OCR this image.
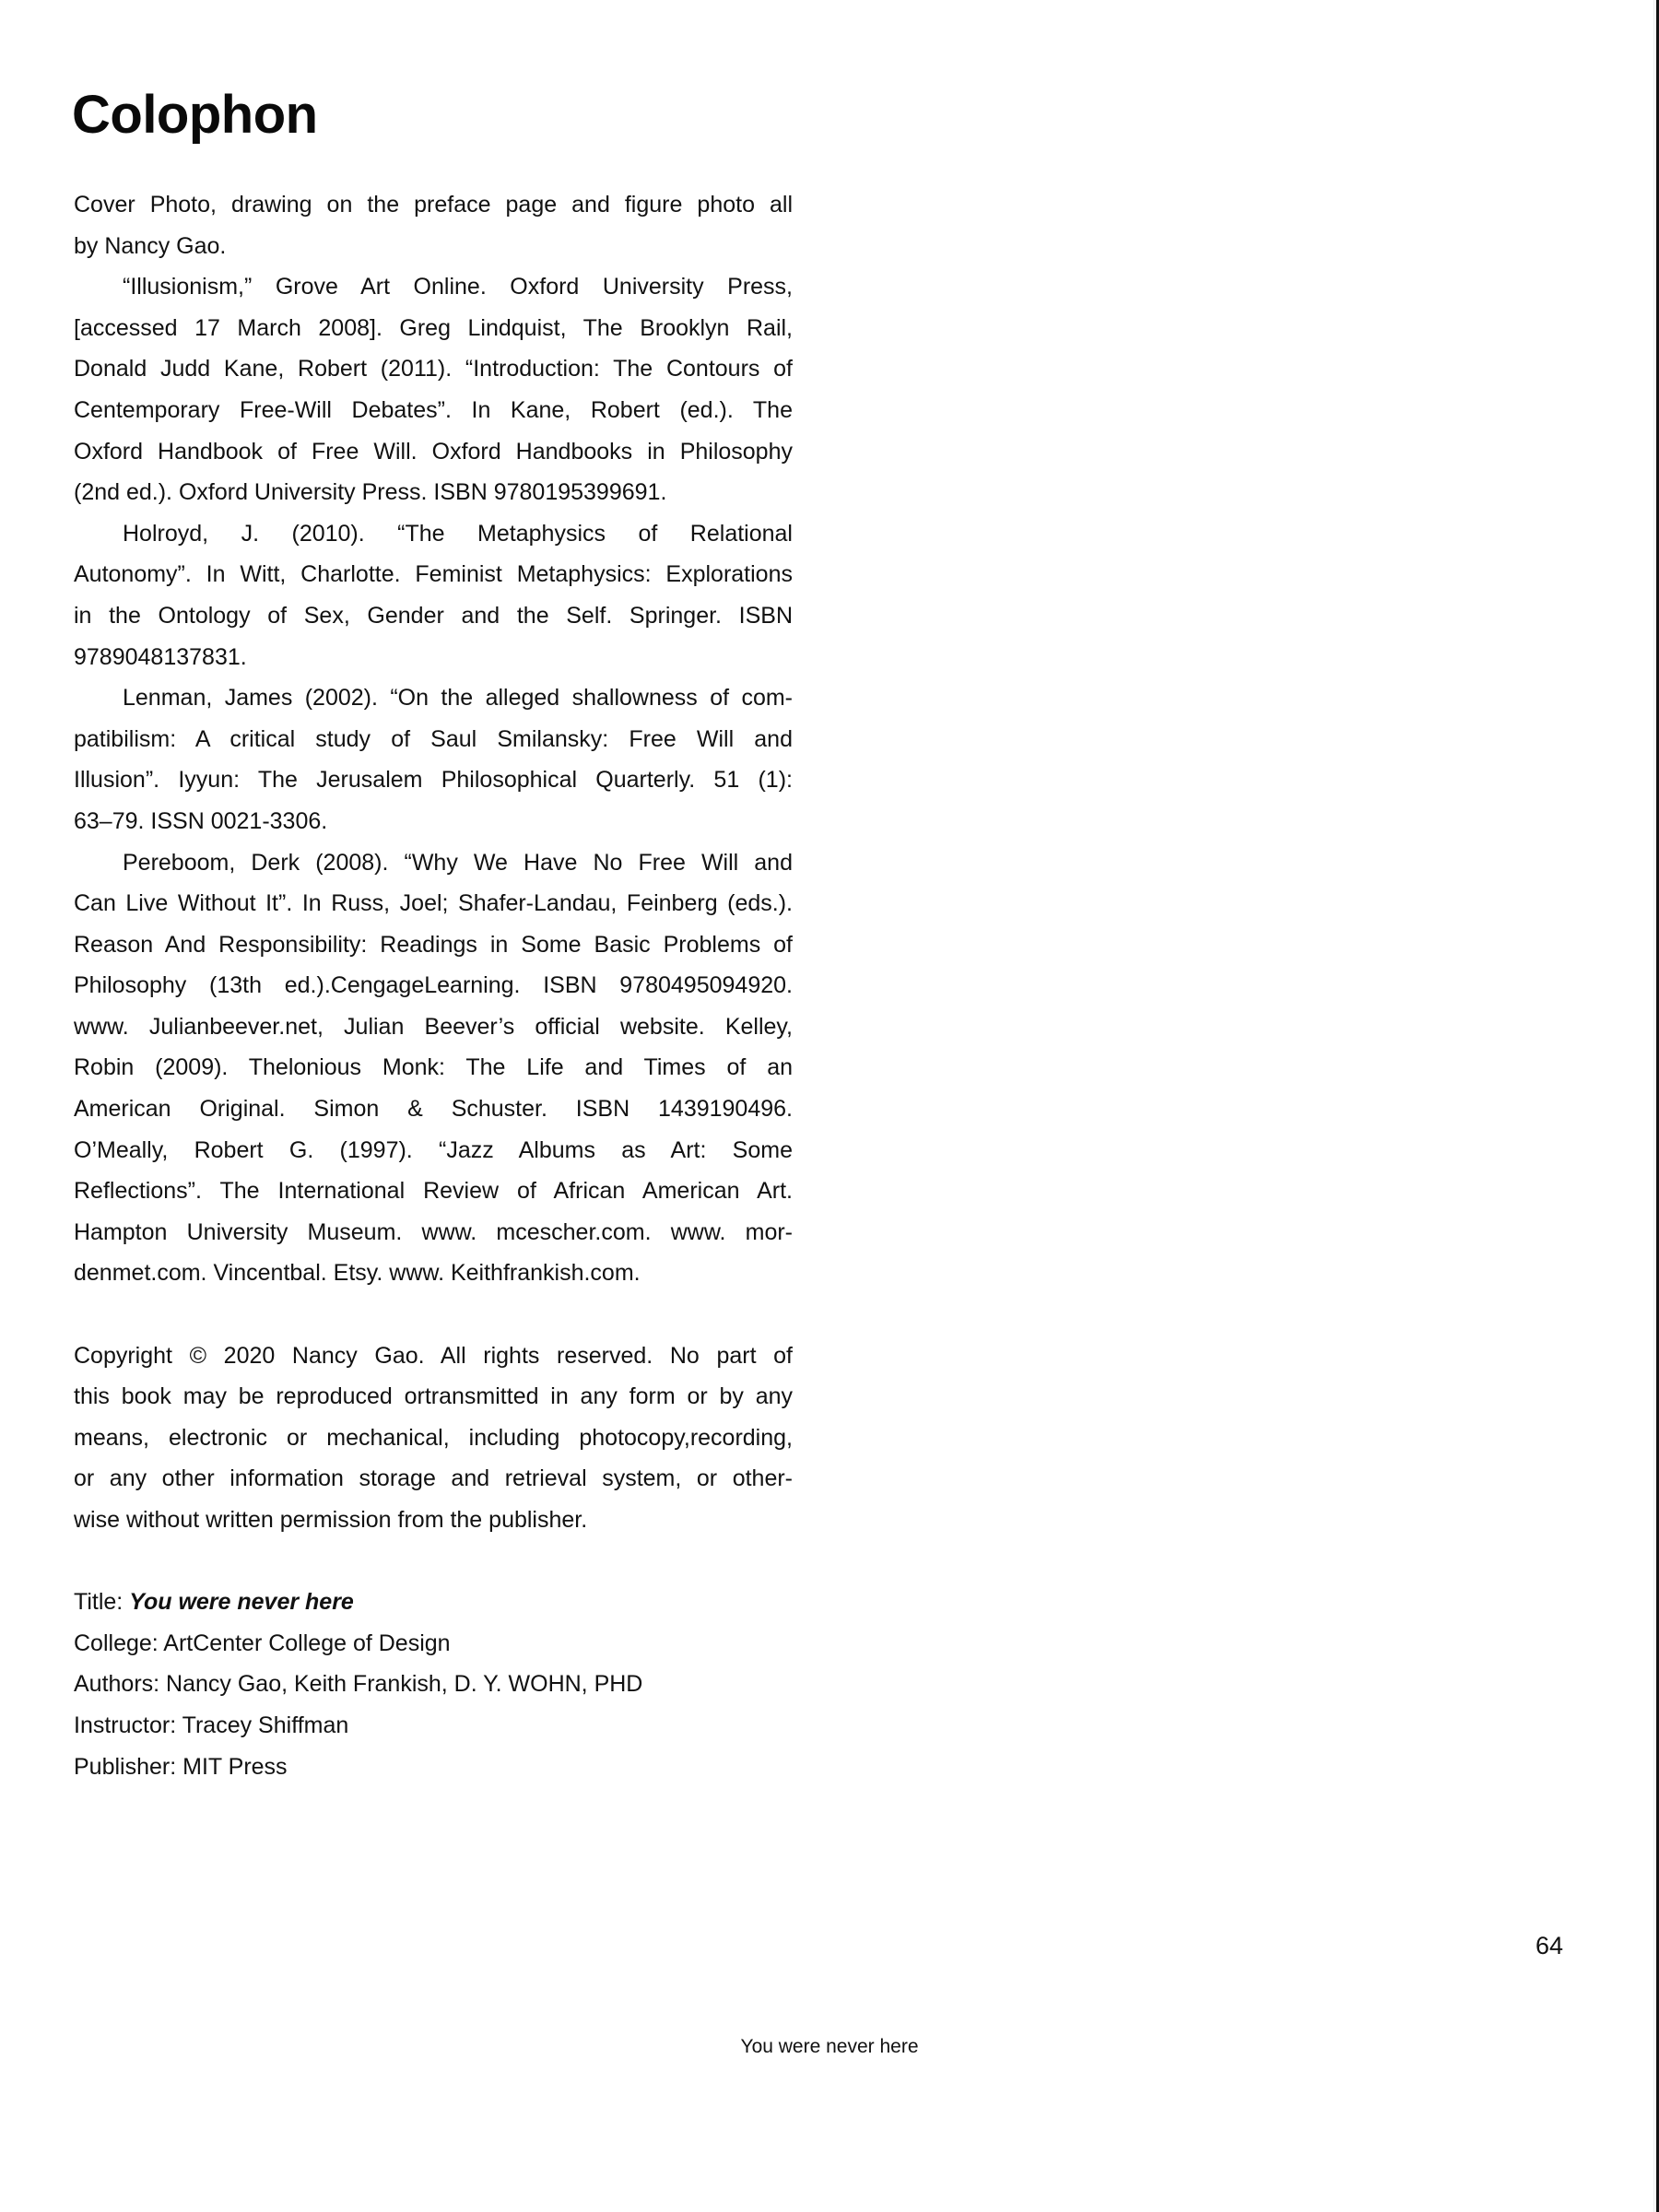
Colophon
Cover Photo, drawing on the preface page and figure photo all
by Nancy Gao.
“Illusionism,” Grove Art Online. Oxford University Press,
[accessed 17 March 2008]. Greg Lindquist, The Brooklyn Rail,
Donald Judd Kane, Robert (2011). “Introduction: The Contours of
Centemporary Free-Will Debates”. In Kane, Robert (ed.). The
Oxford Handbook of Free Will. Oxford Handbooks in Philosophy
(2nd ed.). Oxford University Press. ISBN 9780195399691.
Holroyd, J. (2010). “The Metaphysics of Relational
Autonomy”. In Witt, Charlotte. Feminist Metaphysics: Explorations
in the Ontology of Sex, Gender and the Self. Springer. ISBN
9789048137831.
Lenman, James (2002). “On the alleged shallowness of com-
patibilism: A critical study of Saul Smilansky: Free Will and
Illusion”. Iyyun: The Jerusalem Philosophical Quarterly. 51 (1):
63–79. ISSN 0021-3306.
Pereboom, Derk (2008). “Why We Have No Free Will and
Can Live Without It”. In Russ, Joel; Shafer-Landau, Feinberg (eds.).
Reason And Responsibility: Readings in Some Basic Problems of
Philosophy (13th ed.).CengageLearning. ISBN 9780495094920.
www. Julianbeever.net, Julian Beever’s official website. Kelley,
Robin (2009). Thelonious Monk: The Life and Times of an
American Original. Simon & Schuster. ISBN 1439190496.
O’Meally, Robert G. (1997). “Jazz Albums as Art: Some
Reflections”. The International Review of African American Art.
Hampton University Museum. www. mcescher.com. www. mor-
denmet.com. Vincentbal. Etsy. www. Keithfrankish.com.
Copyright © 2020 Nancy Gao. All rights reserved. No part of
this book may be reproduced ortransmitted in any form or by any
means, electronic or mechanical, including photocopy,recording,
or any other information storage and retrieval system, or other-
wise without written permission from the publisher.
Title: You were never here
College: ArtCenter College of Design
Authors: Nancy Gao, Keith Frankish, D. Y. WOHN, PHD
Instructor: Tracey Shiffman
Publisher: MIT Press
64
You were never here
